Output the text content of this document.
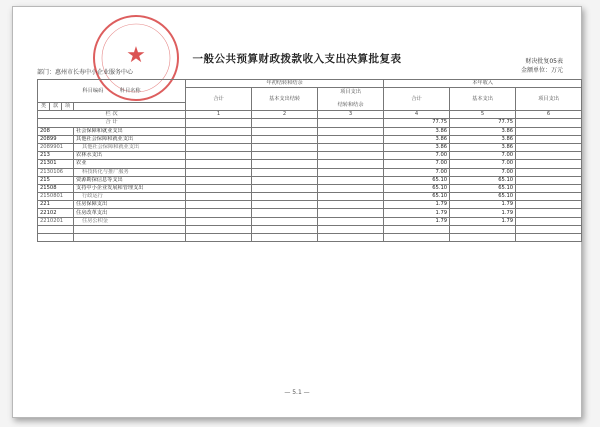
★	一般公共预算财政拨款收入支出决算批复表	财决批复05表
金额单位：万元
部门：惠州市长寿中小企业服务中心
科目编码 科目名称				年初结转和结余			本年收入		
				合计	基本支出结转	项目支出
结转和结余	合计	基本支出	项目支出
类	款	项							
栏 次				1	2	3	4	5	6
合 计							77.75	77.75	
208			社会保障和就业支出				3.86	3.86	
20899			其他社会保障和就业支出				3.86	3.86	
2089901			其他社会保障和就业支出				3.86	3.86	
213			农林水支出				7.00	7.00	
21301			农业				7.00	7.00	
2130106			科技转化与推广服务				7.00	7.00	
215			资源勘探信息等支出				65.10	65.10	
21508			支持中小企业发展和管理支出				65.10	65.10	
2150801			行政运行				65.10	65.10	
221			住房保障支出				1.79	1.79	
22102			住房改革支出				1.79	1.79	
2210201			住房公积金				1.79	1.79	

— 5.1 —
